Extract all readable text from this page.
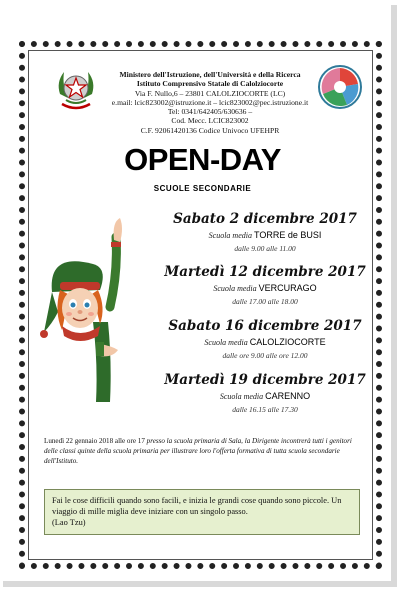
Ministero dell'Istruzione, dell'Università e della Ricerca
Istituto Comprensivo Statale di Calolziocorte
Via F. Nullo,6 – 23801 CALOLZIOCORTE (LC)
e.mail: lcic823002@istruzione.it – lcic823002@pec.istruzione.it
Tel: 0341/642405/630636 –
Cod. Mecc. LCIC823002
C.F. 92061420136 Codice Univoco UFEHPR
OPEN-DAY
SCUOLE SECONDARIE
Sabato 2 dicembre 2017
Scuola media TORRE de BUSI
dalle 9.00 alle 11.00
Martedì 12 dicembre 2017
Scuola media VERCURAGO
dalle 17.00 alle 18.00
Sabato 16 dicembre 2017
Scuola media CALOLZIOCORTE
dalle ore 9.00 alle ore 12.00
Martedì 19 dicembre 2017
Scuola media CARENNO
dalle 16.15 alle 17.30
Lunedì 22 gennaio 2018 alle ore 17 presso la scuola primaria di Sala, la Dirigente incontrerà tutti i genitori delle classi quinte della scuola primaria per illustrare loro l'offerta formativa di tutta scuola secondarie dell'Istituto.
Fai le cose difficili quando sono facili, e inizia le grandi cose quando sono piccole. Un viaggio di mille miglia deve iniziare con un singolo passo.
(Lao Tzu)
